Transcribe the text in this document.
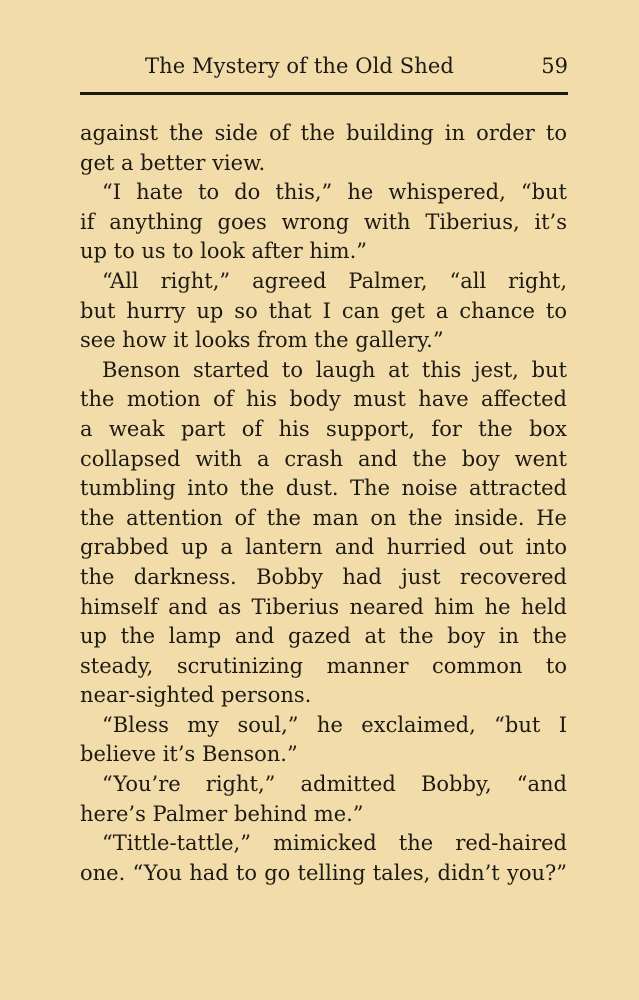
The Mystery of the Old Shed	59
against the side of the building in order to
get a better view.
“I hate to do this,” he whispered, “but
if anything goes wrong with Tiberius, it’s
up to us to look after him.”
“All right,” agreed Palmer, “all right,
but hurry up so that I can get a chance to
see how it looks from the gallery.”
Benson started to laugh at this jest, but
the motion of his body must have affected
a weak part of his support, for the box
collapsed with a crash and the boy went
tumbling into the dust. The noise attracted
the attention of the man on the inside. He
grabbed up a lantern and hurried out into
the darkness. Bobby had just recovered
himself and as Tiberius neared him he held
up the lamp and gazed at the boy in the
steady, scrutinizing manner common to
near-sighted persons.
“Bless my soul,” he exclaimed, “but I
believe it’s Benson.”
“You’re right,” admitted Bobby, “and
here’s Palmer behind me.”
“Tittle-tattle,” mimicked the red-haired
one. “You had to go telling tales, didn’t you?”
